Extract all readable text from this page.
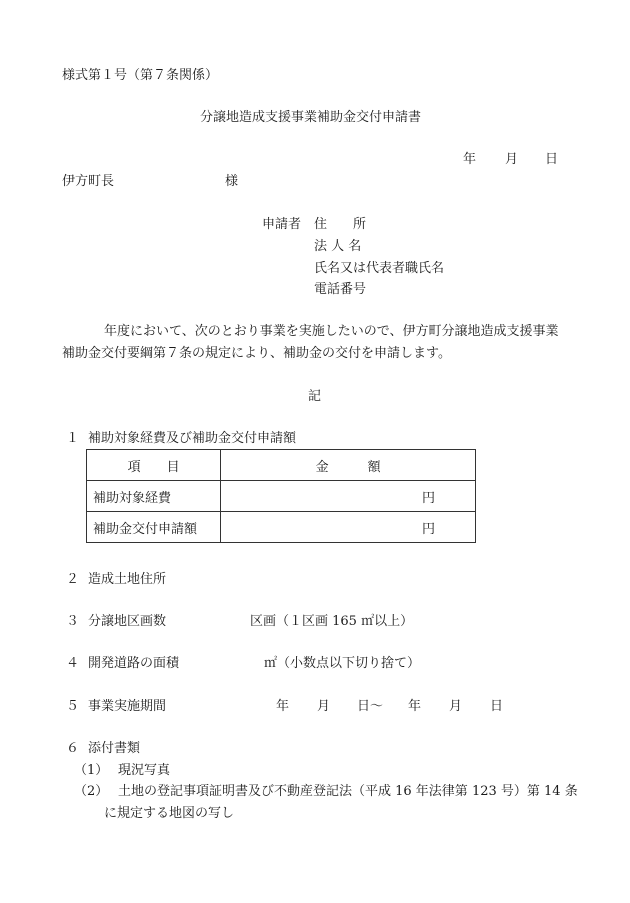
様式第１号（第７条関係）
分譲地造成支援事業補助金交付申請書
年 月 日
伊方町長	様
申請者 住　　所
法 人 名
氏名又は代表者職氏名
電話番号
年度において、次のとおり事業を実施したいので、伊方町分譲地造成支援事業
補助金交付要綱第７条の規定により、補助金の交付を申請します。
記
１ 補助対象経費及び補助金交付申請額
項　　目	金　　　額
補助対象経費	円
補助金交付申請額	円
２ 造成土地住所
３ 分譲地区画数	区画（１区画 165 ㎡以上）
４ 開発道路の面積	㎡（小数点以下切り捨て）
５ 事業実施期間	年 月 日～ 年 月 日
６ 添付書類
（1） 現況写真
（2） 土地の登記事項証明書及び不動産登記法（平成 16 年法律第 123 号）第 14 条
に規定する地図の写し
